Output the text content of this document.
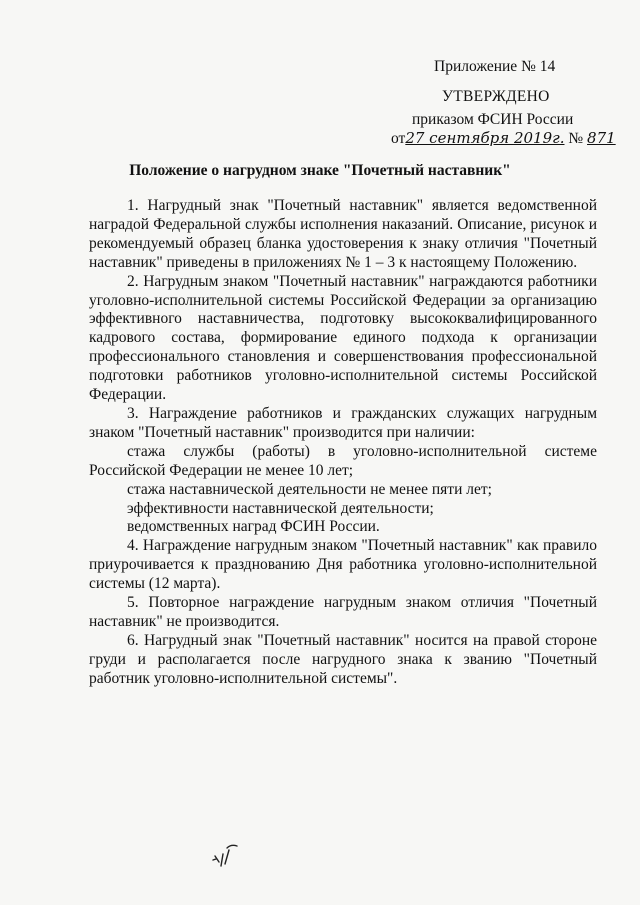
Приложение № 14
УТВЕРЖДЕНО
приказом ФСИН России
от27 сентября 2019г. № 871
Положение о нагрудном знаке "Почетный наставник"

1. Нагрудный знак "Почетный наставник" является ведомственной наградой Федеральной службы исполнения наказаний. Описание, рисунок и рекомендуемый образец бланка удостоверения к знаку отличия "Почетный наставник" приведены в приложениях № 1 – 3 к настоящему Положению.

2. Нагрудным знаком "Почетный наставник" награждаются работники уголовно-исполнительной системы Российской Федерации за организацию эффективного наставничества, подготовку высококвалифицированного кадрового состава, формирование единого подхода к организации профессионального становления и совершенствования профессиональной подготовки работников уголовно-исполнительной системы Российской Федерации.

3. Награждение работников и гражданских служащих нагрудным знаком "Почетный наставник" производится при наличии:

стажа службы (работы) в уголовно-исполнительной системе Российской Федерации не менее 10 лет;

стажа наставнической деятельности не менее пяти лет;

эффективности наставнической деятельности;

ведомственных наград ФСИН России.

4. Награждение нагрудным знаком "Почетный наставник" как правило приурочивается к празднованию Дня работника уголовно-исполнительной системы (12 марта).

5. Повторное награждение нагрудным знаком отличия "Почетный наставник" не производится.

6. Нагрудный знак "Почетный наставник" носится на правой стороне груди и располагается после нагрудного знака к званию "Почетный работник уголовно-исполнительной системы".
